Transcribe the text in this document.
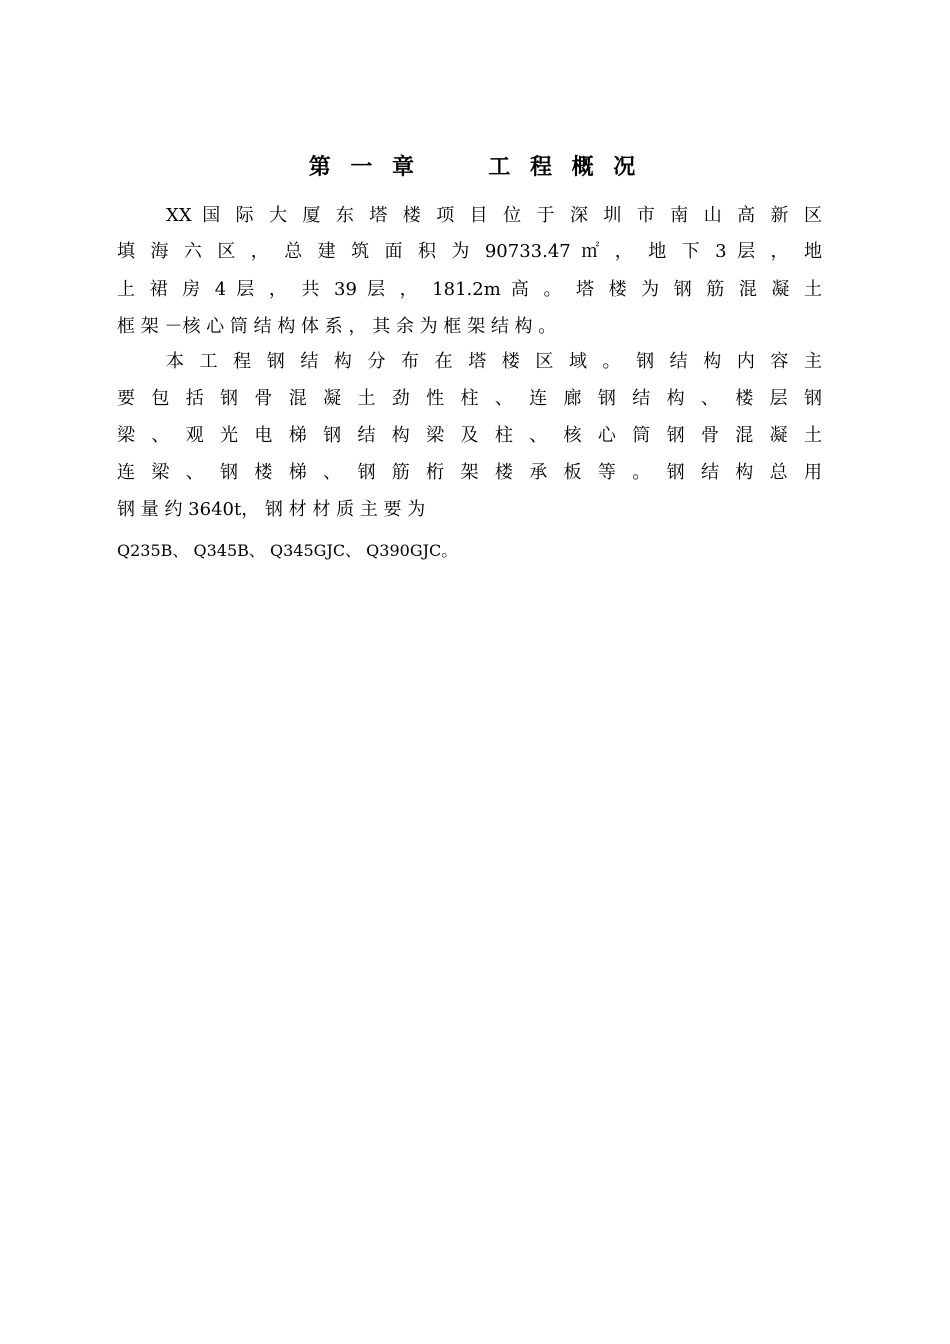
第 一 章     工 程 概 况

XX 国 际 大 厦 东 塔 楼 项 目 位 于 深 圳 市 南 山 高 新 区

填 海 六 区 ， 总 建 筑 面 积 为 90733.47 ㎡ ， 地 下 3 层 ， 地

上 裙 房 4 层 ， 共 39 层 ， 181.2m 高 。 塔 楼 为 钢 筋 混 凝 土

框 架 －核 心 筒 结 构 体 系 ， 其 余 为 框 架 结 构 。

本 工 程 钢 结 构 分 布 在 塔 楼 区 域 。 钢 结 构 内 容 主

要 包 括 钢 骨 混 凝 土 劲 性 柱 、 连 廊 钢 结 构 、 楼 层 钢

梁 、 观 光 电 梯 钢 结 构 梁 及 柱 、 核 心 筒 钢 骨 混 凝 土

连 梁 、 钢 楼 梯 、 钢 筋 桁 架 楼 承 板 等 。 钢 结 构 总 用

钢 量 约 3640t， 钢 材 材 质 主 要 为

Q235B、 Q345B、 Q345GJC、 Q390GJC。
